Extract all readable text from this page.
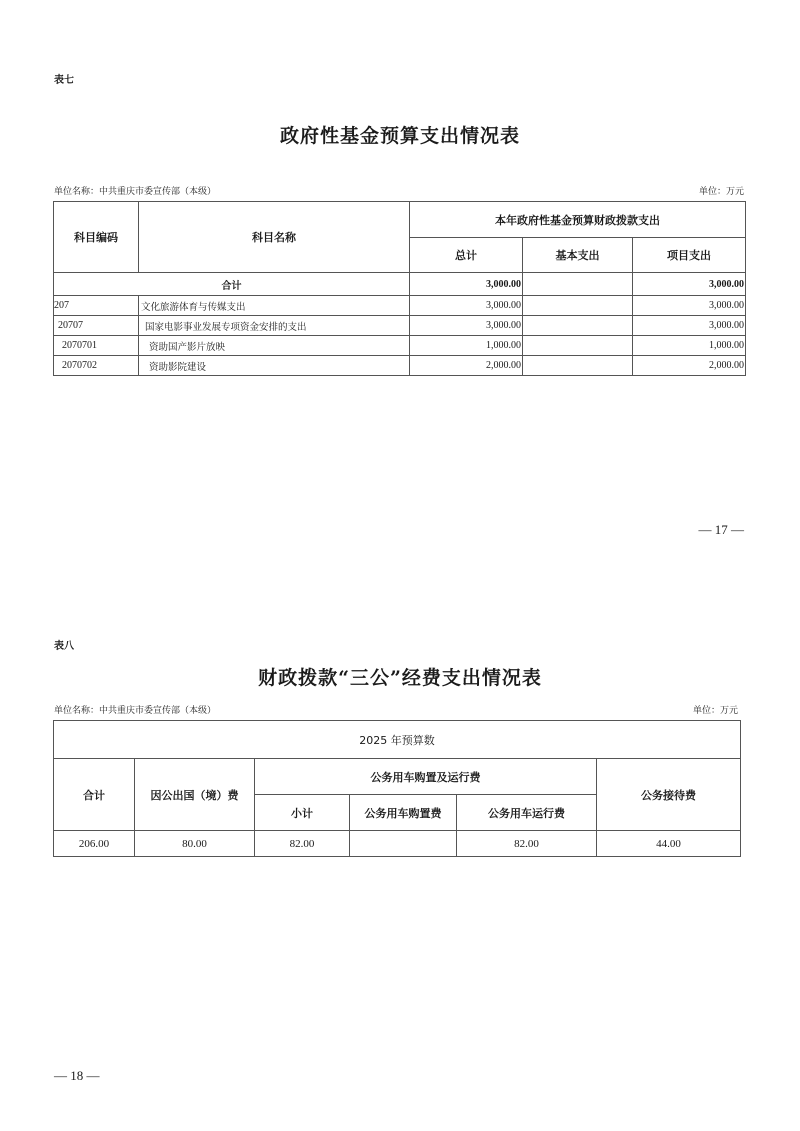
表七
政府性基金预算支出情况表
单位名称：中共重庆市委宣传部（本级）	单位：万元
科目编码	科目名称	本年政府性基金预算财政拨款支出		
		总计	基本支出	项目支出
合计		3,000.00		3,000.00
207	文化旅游体育与传媒支出	3,000.00		3,000.00
20707	国家电影事业发展专项资金安排的支出	3,000.00		3,000.00
2070701	资助国产影片放映	1,000.00		1,000.00
2070702	资助影院建设	2,000.00		2,000.00
— 17 —
表八
财政拨款“三公”经费支出情况表
单位名称：中共重庆市委宣传部（本级）	单位：万元
2025 年预算数					
合计	因公出国（境）费	公务用车购置及运行费			公务接待费
		小计	公务用车购置费	公务用车运行费	
206.00	80.00	82.00		82.00	44.00
— 18 —
